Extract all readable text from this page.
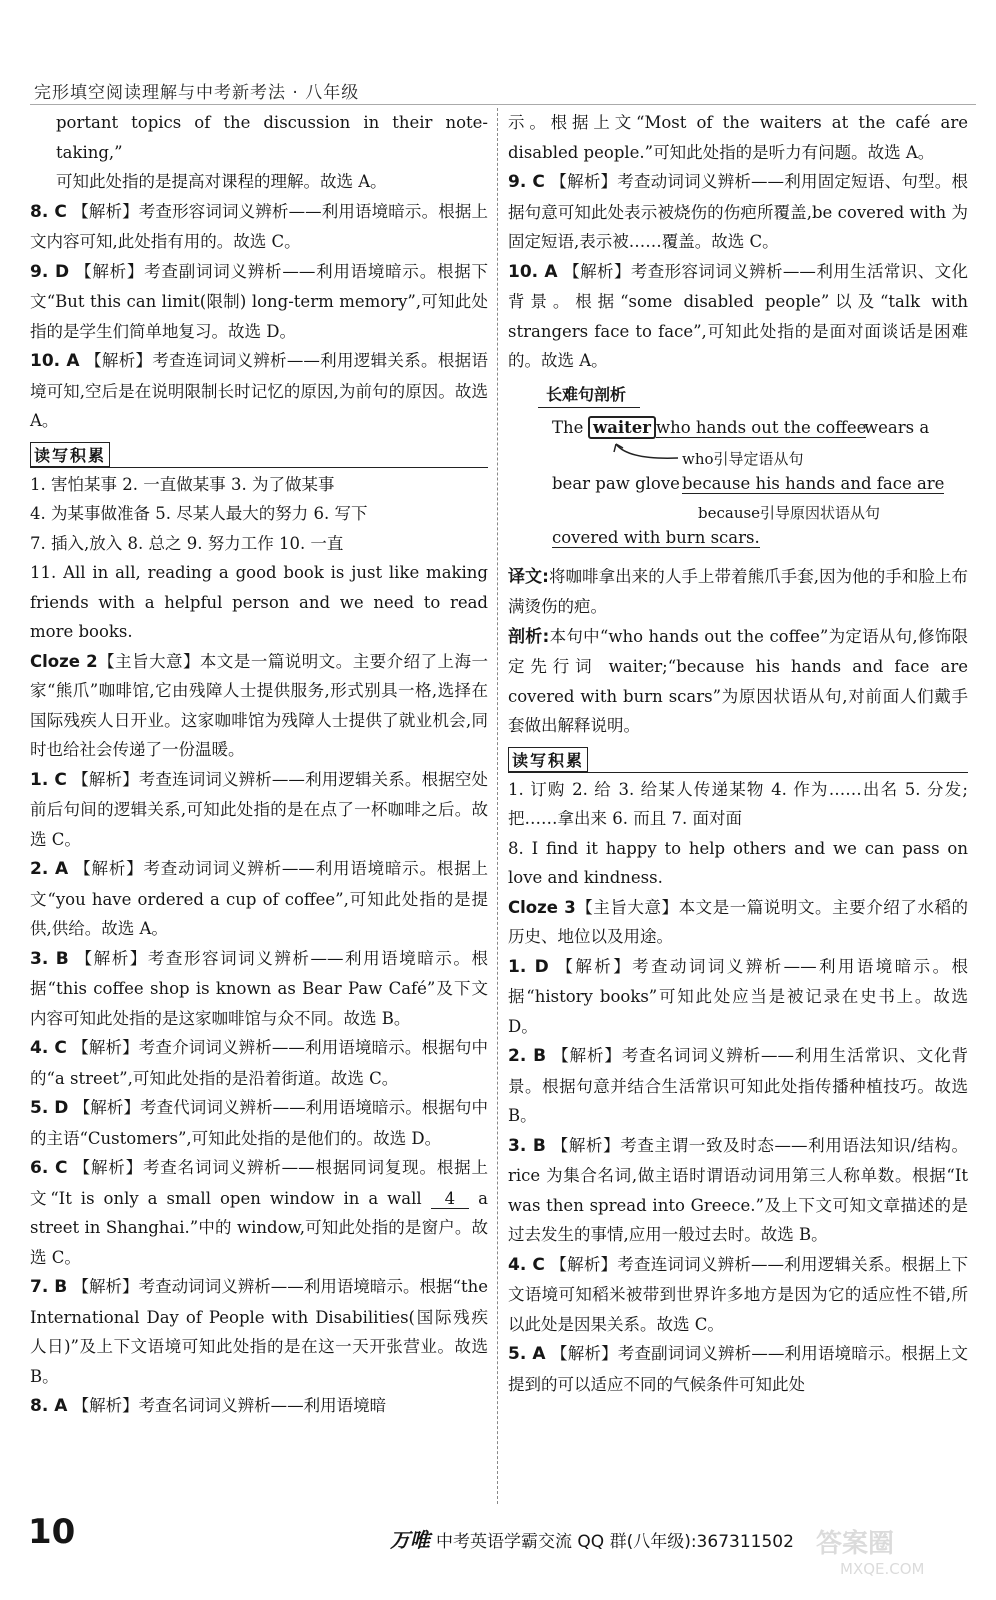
完形填空阅读理解与中考新考法 · 八年级

portant topics of the discussion in their note-taking,”

可知此处指的是提高对课程的理解。故选 A。

8. C 【解析】考查形容词词义辨析——利用语境暗示。根据上文内容可知,此处指有用的。故选 C。

9. D 【解析】考查副词词义辨析——利用语境暗示。根据下文“But this can limit(限制) long-term memory”,可知此处指的是学生们简单地复习。故选 D。

10. A 【解析】考查连词词义辨析——利用逻辑关系。根据语境可知,空后是在说明限制长时记忆的原因,为前句的原因。故选 A。

读写积累

1. 害怕某事 2. 一直做某事 3. 为了做某事

4. 为某事做准备 5. 尽某人最大的努力 6. 写下

7. 插入,放入 8. 总之 9. 努力工作 10. 一直

11. All in all, reading a good book is just like making friends with a helpful person and we need to read more books.

Cloze 2【主旨大意】本文是一篇说明文。主要介绍了上海一家“熊爪”咖啡馆,它由残障人士提供服务,形式别具一格,选择在国际残疾人日开业。这家咖啡馆为残障人士提供了就业机会,同时也给社会传递了一份温暖。

1. C 【解析】考查连词词义辨析——利用逻辑关系。根据空处前后句间的逻辑关系,可知此处指的是在点了一杯咖啡之后。故选 C。

2. A 【解析】考查动词词义辨析——利用语境暗示。根据上文“you have ordered a cup of coffee”,可知此处指的是提供,供给。故选 A。

3. B 【解析】考查形容词词义辨析——利用语境暗示。根据“this coffee shop is known as Bear Paw Café”及下文内容可知此处指的是这家咖啡馆与众不同。故选 B。

4. C 【解析】考查介词词义辨析——利用语境暗示。根据句中的“a street”,可知此处指的是沿着街道。故选 C。

5. D 【解析】考查代词词义辨析——利用语境暗示。根据句中的主语“Customers”,可知此处指的是他们的。故选 D。

6. C 【解析】考查名词词义辨析——根据同词复现。根据上文“It is only a small open window in a wall 4 a street in Shanghai.”中的 window,可知此处指的是窗户。故选 C。

7. B 【解析】考查动词词义辨析——利用语境暗示。根据“the International Day of People with Disabilities(国际残疾人日)”及上下文语境可知此处指的是在这一天开张营业。故选 B。

8. A 【解析】考查名词词义辨析——利用语境暗

示。根据上文“Most of the waiters at the café are disabled people.”可知此处指的是听力有问题。故选 A。

9. C 【解析】考查动词词义辨析——利用固定短语、句型。根据句意可知此处表示被烧伤的伤疤所覆盖,be covered with 为固定短语,表示被……覆盖。故选 C。

10. A 【解析】考查形容词词义辨析——利用生活常识、文化背景。根据“some disabled people”以及“talk with strangers face to face”,可知此处指的是面对面谈话是困难的。故选 A。

长难句剖析
The waiter who hands out the coffee
wears a
who引导定语从句
bear paw glove because his hands and face are
because引导原因状语从句
covered with burn scars.

译文:将咖啡拿出来的人手上带着熊爪手套,因为他的手和脸上布满烫伤的疤。

剖析:本句中“who hands out the coffee”为定语从句,修饰限定先行词 waiter;“because his hands and face are covered with burn scars”为原因状语从句,对前面人们戴手套做出解释说明。

读写积累

1. 订购 2. 给 3. 给某人传递某物 4. 作为……出名 5. 分发;把……拿出来 6. 而且 7. 面对面

8. I find it happy to help others and we can pass on love and kindness.

Cloze 3【主旨大意】本文是一篇说明文。主要介绍了水稻的历史、地位以及用途。

1. D 【解析】考查动词词义辨析——利用语境暗示。根据“history books”可知此处应当是被记录在史书上。故选 D。

2. B 【解析】考查名词词义辨析——利用生活常识、文化背景。根据句意并结合生活常识可知此处指传播种植技巧。故选 B。

3. B 【解析】考查主谓一致及时态——利用语法知识/结构。rice 为集合名词,做主语时谓语动词用第三人称单数。根据“It was then spread into Greece.”及上下文可知文章描述的是过去发生的事情,应用一般过去时。故选 B。

4. C 【解析】考查连词词义辨析——利用逻辑关系。根据上下文语境可知稻米被带到世界许多地方是因为它的适应性不错,所以此处是因果关系。故选 C。

5. A 【解析】考查副词词义辨析——利用语境暗示。根据上文提到的可以适应不同的气候条件可知此处

10	万唯 中考英语学霸交流 QQ 群(八年级):367311502 答案圈
MXQE.COM
